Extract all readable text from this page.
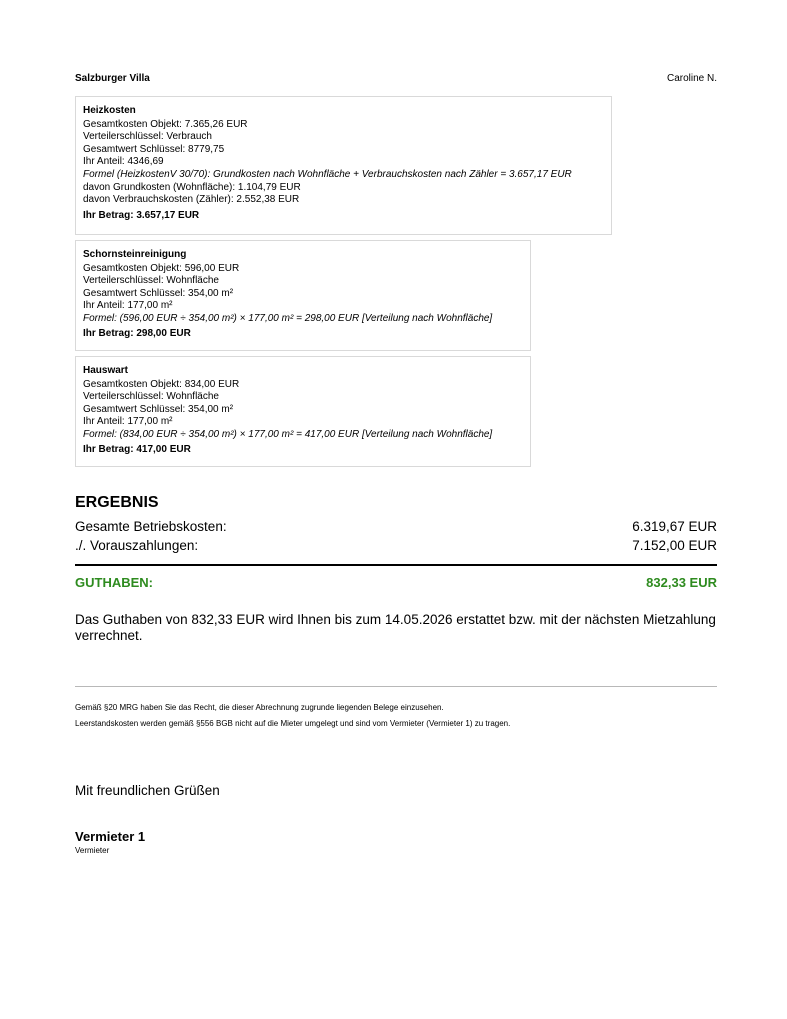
Salzburger Villa	Caroline N.
Heizkosten
Gesamtkosten Objekt: 7.365,26 EUR
Verteilerschlüssel: Verbrauch
Gesamtwert Schlüssel: 8779,75
Ihr Anteil: 4346,69
Formel (HeizkostenV 30/70): Grundkosten nach Wohnfläche + Verbrauchskosten nach Zähler = 3.657,17 EUR
davon Grundkosten (Wohnfläche): 1.104,79 EUR
davon Verbrauchskosten (Zähler): 2.552,38 EUR
Ihr Betrag: 3.657,17 EUR
Schornsteinreinigung
Gesamtkosten Objekt: 596,00 EUR
Verteilerschlüssel: Wohnfläche
Gesamtwert Schlüssel: 354,00 m²
Ihr Anteil: 177,00 m²
Formel: (596,00 EUR ÷ 354,00 m²) × 177,00 m² = 298,00 EUR [Verteilung nach Wohnfläche]
Ihr Betrag: 298,00 EUR
Hauswart
Gesamtkosten Objekt: 834,00 EUR
Verteilerschlüssel: Wohnfläche
Gesamtwert Schlüssel: 354,00 m²
Ihr Anteil: 177,00 m²
Formel: (834,00 EUR ÷ 354,00 m²) × 177,00 m² = 417,00 EUR [Verteilung nach Wohnfläche]
Ihr Betrag: 417,00 EUR
ERGEBNIS
Gesamte Betriebskosten:	6.319,67 EUR
./. Vorauszahlungen:	7.152,00 EUR
GUTHABEN:	832,33 EUR
Das Guthaben von 832,33 EUR wird Ihnen bis zum 14.05.2026 erstattet bzw. mit der nächsten Mietzahlung verrechnet.
Gemäß §20 MRG haben Sie das Recht, die dieser Abrechnung zugrunde liegenden Belege einzusehen.
Leerstandskosten werden gemäß §556 BGB nicht auf die Mieter umgelegt und sind vom Vermieter (Vermieter 1) zu tragen.
Mit freundlichen Grüßen
Vermieter 1
Vermieter
